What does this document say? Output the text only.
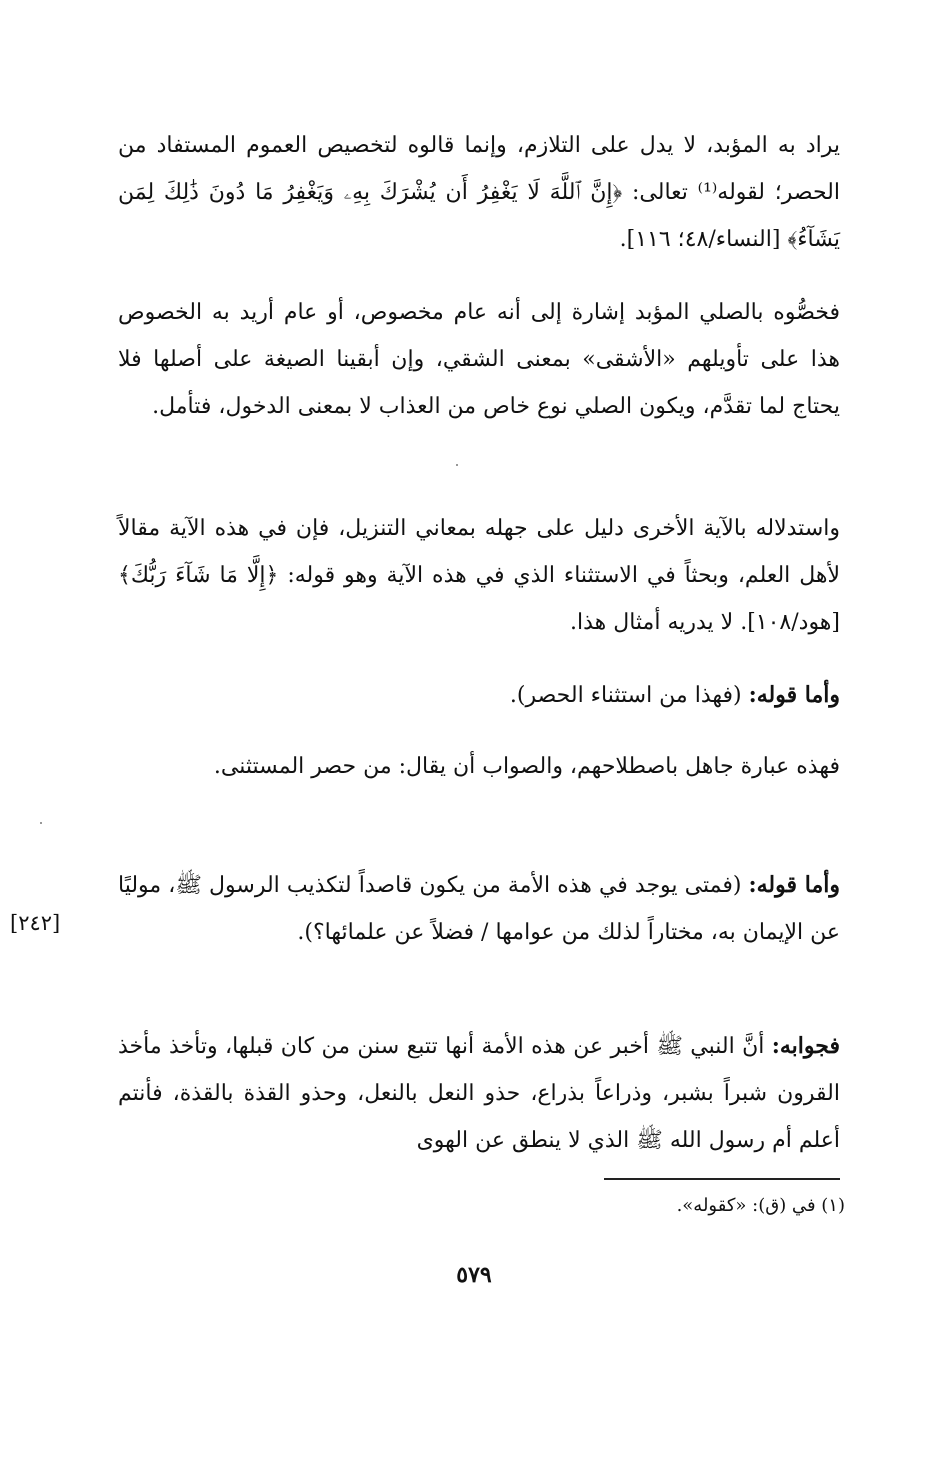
يراد به المؤبد، لا يدل على التلازم، وإنما قالوه لتخصيص العموم المستفاد من الحصر؛ لقوله⁽¹⁾ تعالى: ﴿إِنَّ ٱللَّهَ لَا يَغْفِرُ أَن يُشْرَكَ بِهِۦ وَيَغْفِرُ مَا دُونَ ذَٰلِكَ لِمَن يَشَآءُ﴾ [النساء/٤٨؛ ١١٦].

فخصُّوه بالصلي المؤبد إشارة إلى أنه عام مخصوص، أو عام أريد به الخصوص هذا على تأويلهم «الأشقى» بمعنى الشقي، وإن أبقينا الصيغة على أصلها فلا يحتاج لما تقدَّم، ويكون الصلي نوع خاص من العذاب لا بمعنى الدخول، فتأمل.

واستدلاله بالآية الأخرى دليل على جهله بمعاني التنزيل، فإن في هذه الآية مقالاً لأهل العلم، وبحثاً في الاستثناء الذي في هذه الآية وهو قوله: ﴿إِلَّا مَا شَآءَ رَبُّكَ﴾ [هود/١٠٨]. لا يدريه أمثال هذا.

وأما قوله: (فهذا من استثناء الحصر).

فهذه عبارة جاهل باصطلاحهم، والصواب أن يقال: من حصر المستثنى.

وأما قوله: (فمتى يوجد في هذه الأمة من يكون قاصداً لتكذيب الرسول ﷺ، موليًا عن الإيمان به، مختاراً لذلك من عوامها / فضلاً عن علمائها؟).

[٢٤٢]

فجوابه: أنَّ النبي ﷺ أخبر عن هذه الأمة أنها تتبع سنن من كان قبلها، وتأخذ مأخذ القرون شبراً بشبر، وذراعاً بذراع، حذو النعل بالنعل، وحذو القذة بالقذة، فأنتم أعلم أم رسول الله ﷺ الذي لا ينطق عن الهوى

(١) في (ق): «كقوله».
٥٧٩
